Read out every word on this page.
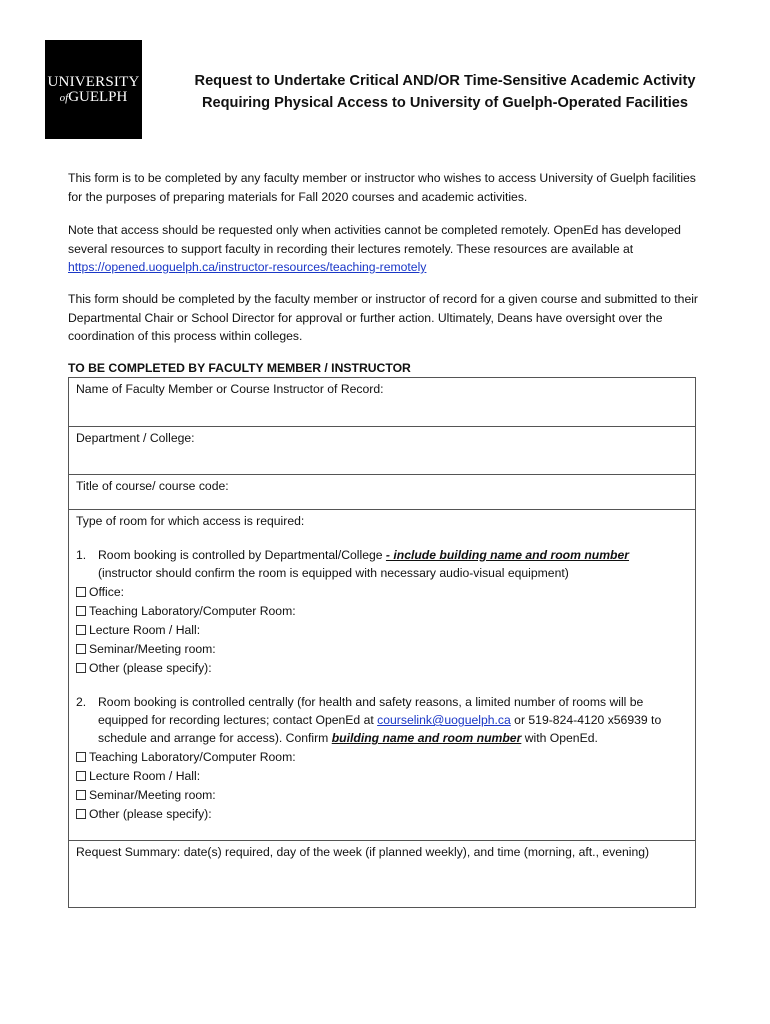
UNIVERSITY
ofGUELPH
Request to Undertake Critical AND/OR Time-Sensitive Academic Activity
Requiring Physical Access to University of Guelph-Operated Facilities
This form is to be completed by any faculty member or instructor who wishes to access University of Guelph facilities for the purposes of preparing materials for Fall 2020 courses and academic activities.
Note that access should be requested only when activities cannot be completed remotely. OpenEd has developed several resources to support faculty in recording their lectures remotely. These resources are available at https://opened.uoguelph.ca/instructor-resources/teaching-remotely
This form should be completed by the faculty member or instructor of record for a given course and submitted to their Departmental Chair or School Director for approval or further action. Ultimately, Deans have oversight over the coordination of this process within colleges.
TO BE COMPLETED BY FACULTY MEMBER / INSTRUCTOR
Name of Faculty Member or Course Instructor of Record:
Department / College:
Title of course/ course code:
Type of room for which access is required:
1. Room booking is controlled by Departmental/College - include building name and room number
(instructor should confirm the room is equipped with necessary audio-visual equipment)
Office:
Teaching Laboratory/Computer Room:
Lecture Room / Hall:
Seminar/Meeting room:
Other (please specify):
2. Room booking is controlled centrally (for health and safety reasons, a limited number of rooms will be
equipped for recording lectures; contact OpenEd at courselink@uoguelph.ca or 519-824-4120 x56939 to
schedule and arrange for access). Confirm building name and room number with OpenEd.
Teaching Laboratory/Computer Room:
Lecture Room / Hall:
Seminar/Meeting room:
Other (please specify):
Request Summary: date(s) required, day of the week (if planned weekly), and time (morning, aft., evening)
